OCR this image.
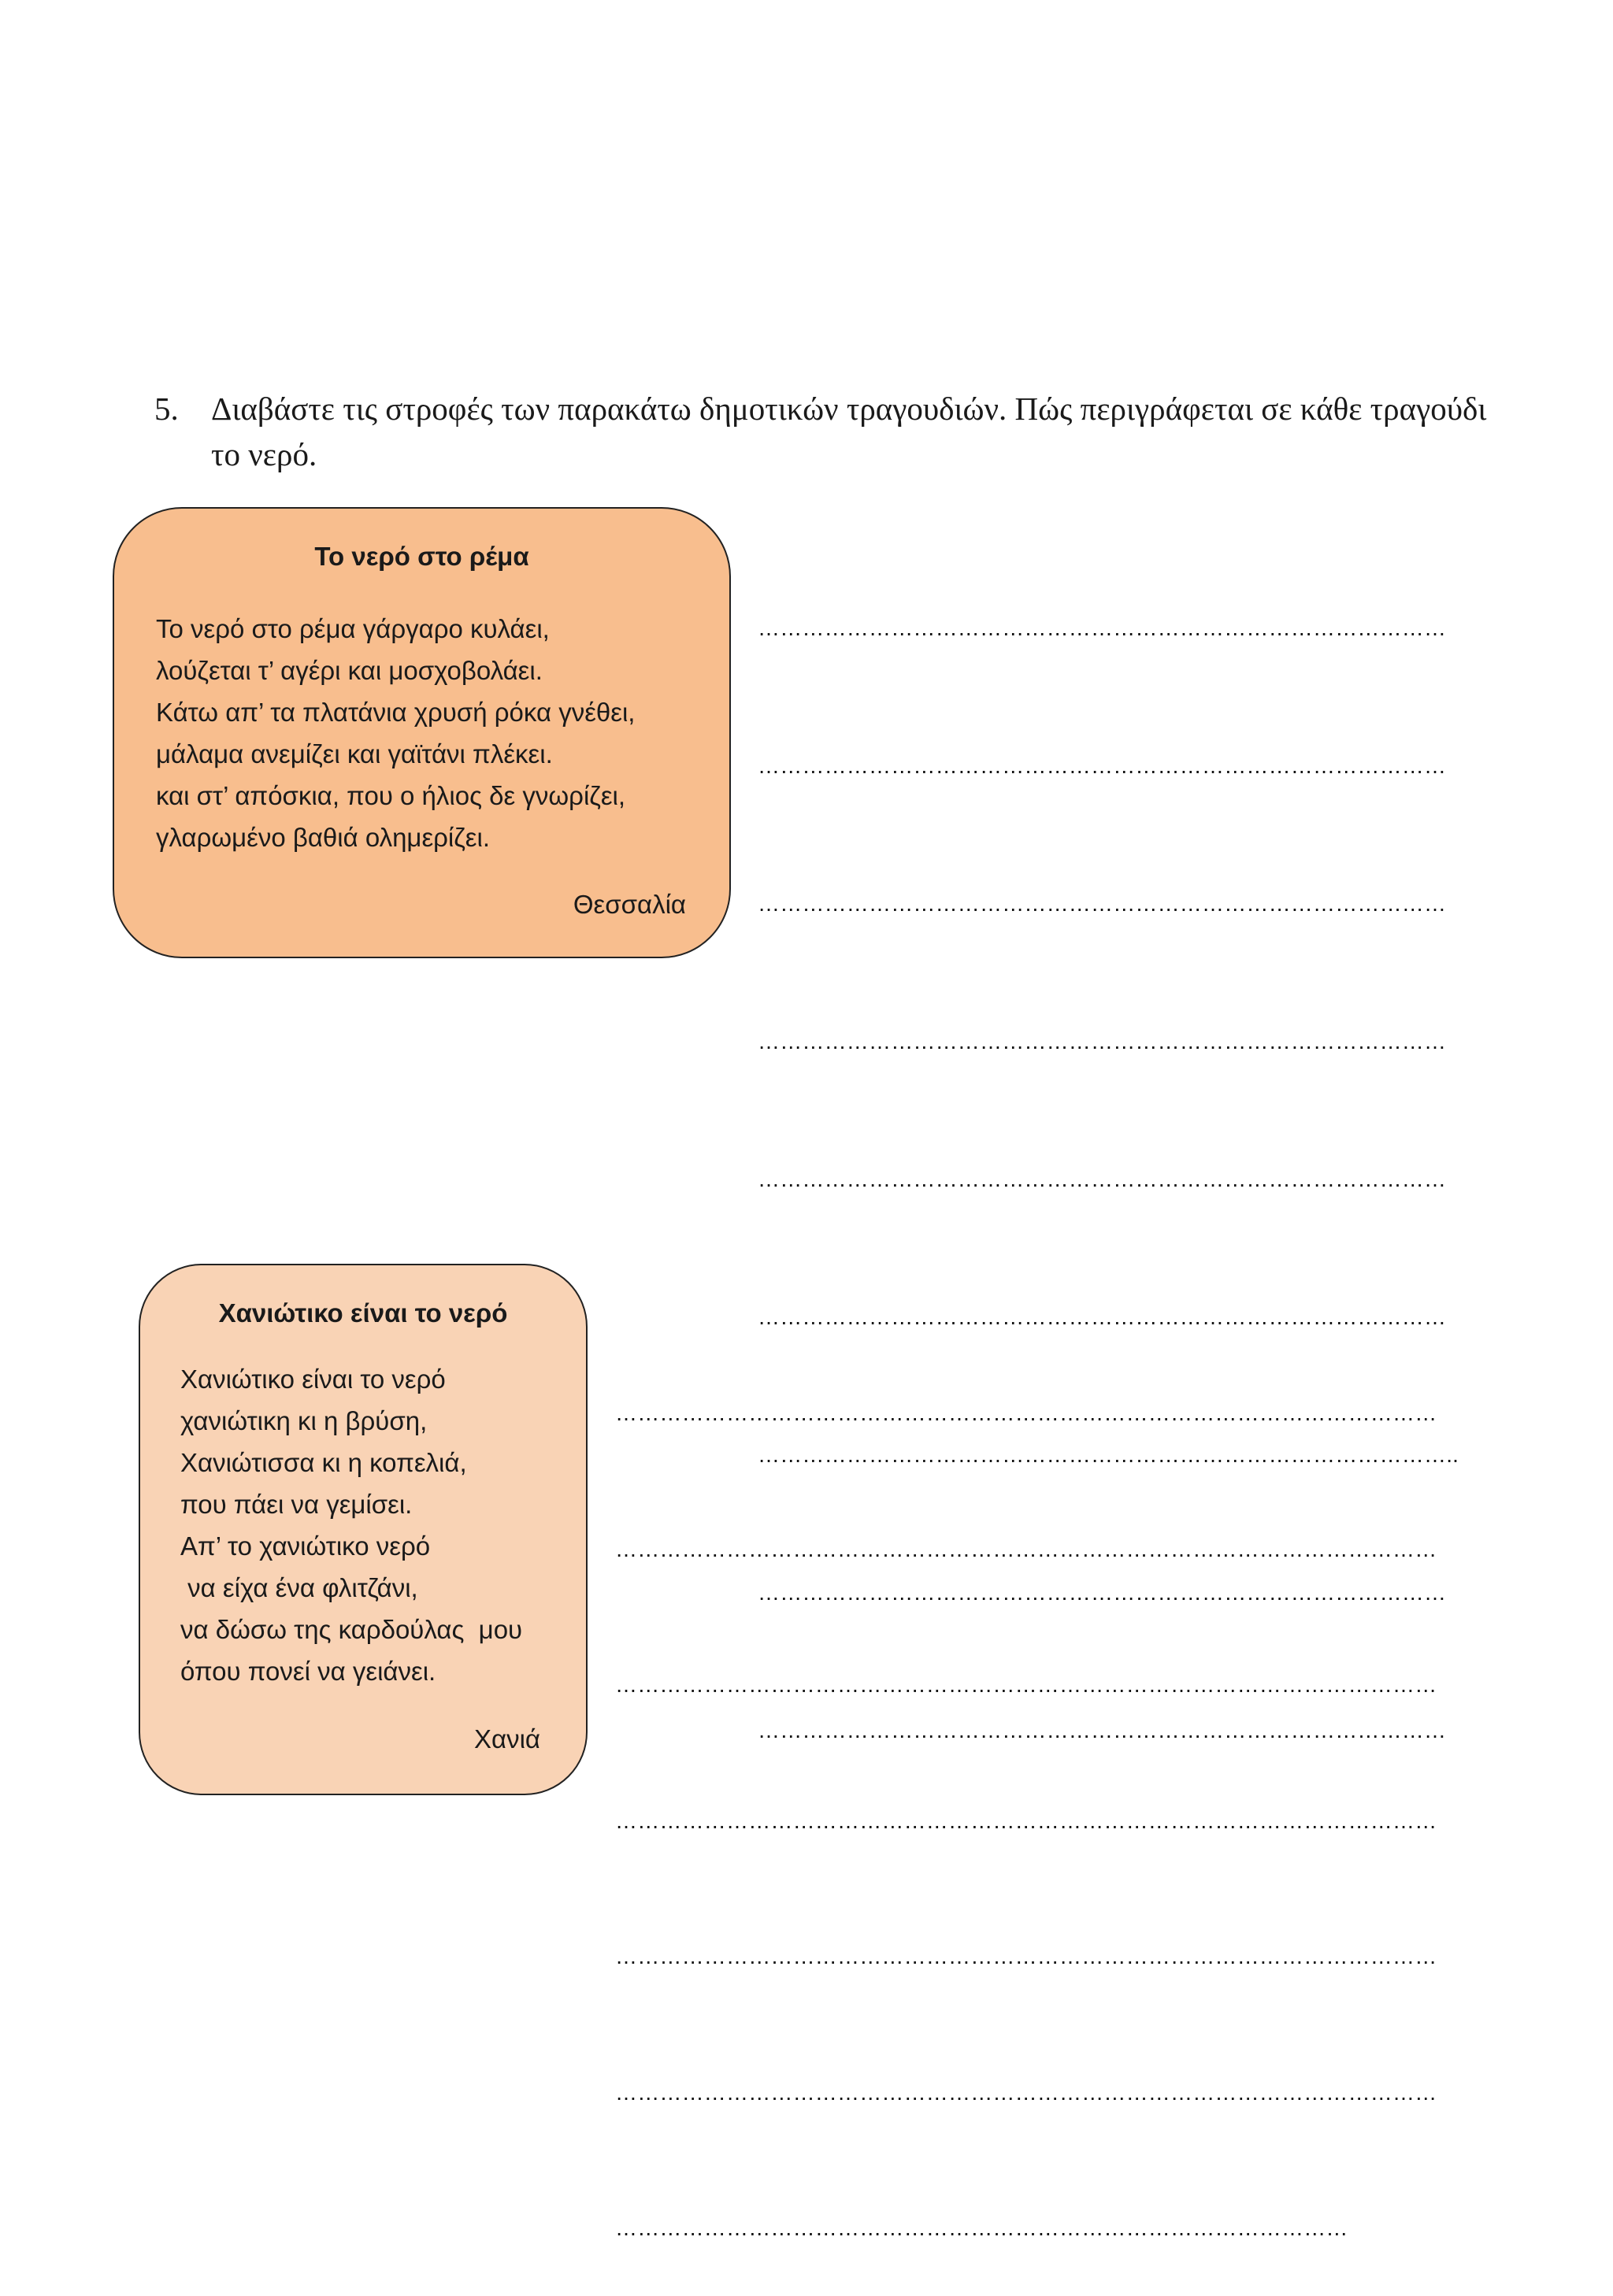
5. Διαβάστε τις στροφές των παρακάτω δημοτικών τραγουδιών. Πώς περιγράφεται σε κάθε τραγούδι το νερό.
Το νερό στο ρέμα
Το νερό στο ρέμα γάργαρο κυλάει,
λούζεται τ’ αγέρι και μοσχοβολάει.
Κάτω απ’ τα πλατάνια χρυσή ρόκα γνέθει,
μάλαμα ανεμίζει και γαϊτάνι πλέκει.
και στ’ απόσκια, που ο ήλιος δε γνωρίζει,
γλαρωμένο βαθιά ολημερίζει.
Θεσσαλία

…………………………………………………………………………………

…………………………………………………………………………………

…………………………………………………………………………………

…………………………………………………………………………………

…………………………………………………………………………………

…………………………………………………………………………………

…………………………………………………………………………………..

…………………………………………………………………………………

…………………………………………………………………………………

Χανιώτικο είναι το νερό
Χανιώτικο είναι το νερό
χανιώτικη κι η βρύση,
Χανιώτισσα κι η κοπελιά,
που πάει να γεμίσει.
Απ’ το χανιώτικο νερό
να είχα ένα φλιτζάνι,
να δώσω της καρδούλας  μου
όπου πονεί να γειάνει.
Χανιά

…………………………………………………………………………………………………

…………………………………………………………………………………………………

…………………………………………………………………………………………………

…………………………………………………………………………………………………

…………………………………………………………………………………………………

…………………………………………………………………………………………………

………………………………………………………………………………………
